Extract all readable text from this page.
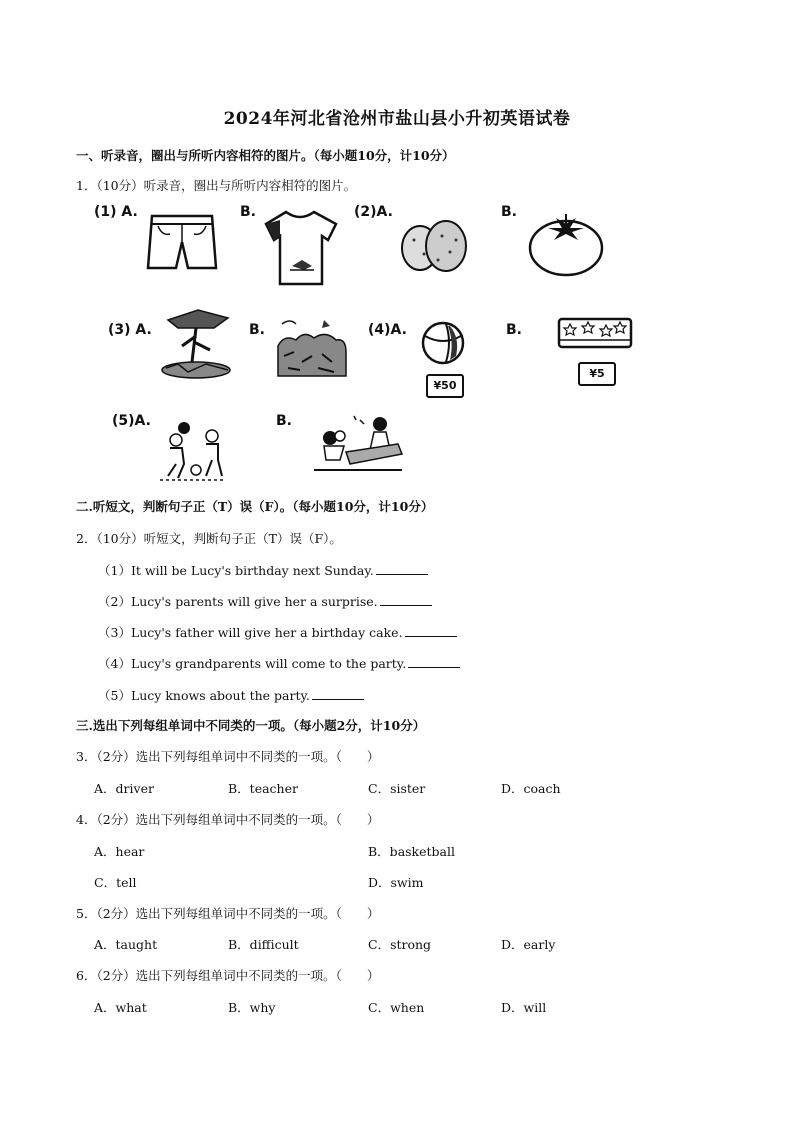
2024年河北省沧州市盐山县小升初英语试卷
一、听录音，圈出与所听内容相符的图片。（每小题10分，计10分）
1．（10分）听录音，圈出与所听内容相符的图片。
(1) A.	B.	(2)A.	B.
(3) A.	B.	(4)A.	B.
¥50
¥5
(5)A.	B.
二.听短文，判断句子正（T）误（F）。（每小题10分，计10分）
2．（10分）听短文，判断句子正（T）误（F）。
（1）It will be Lucy's birthday next Sunday.
（2）Lucy's parents will give her a surprise.
（3）Lucy's father will give her a birthday cake.
（4）Lucy's grandparents will come to the party.
（5）Lucy knows about the party.
三.选出下列每组单词中不同类的一项。（每小题2分，计10分）
3．（2分）选出下列每组单词中不同类的一项。（　　）
A．driver	B．teacher	C．sister	D．coach
4．（2分）选出下列每组单词中不同类的一项。（　　）
A．hear	B．basketball
C．tell	D．swim
5．（2分）选出下列每组单词中不同类的一项。（　　）
A．taught	B．difficult	C．strong	D．early
6．（2分）选出下列每组单词中不同类的一项。（　　）
A．what	B．why	C．when	D．will
